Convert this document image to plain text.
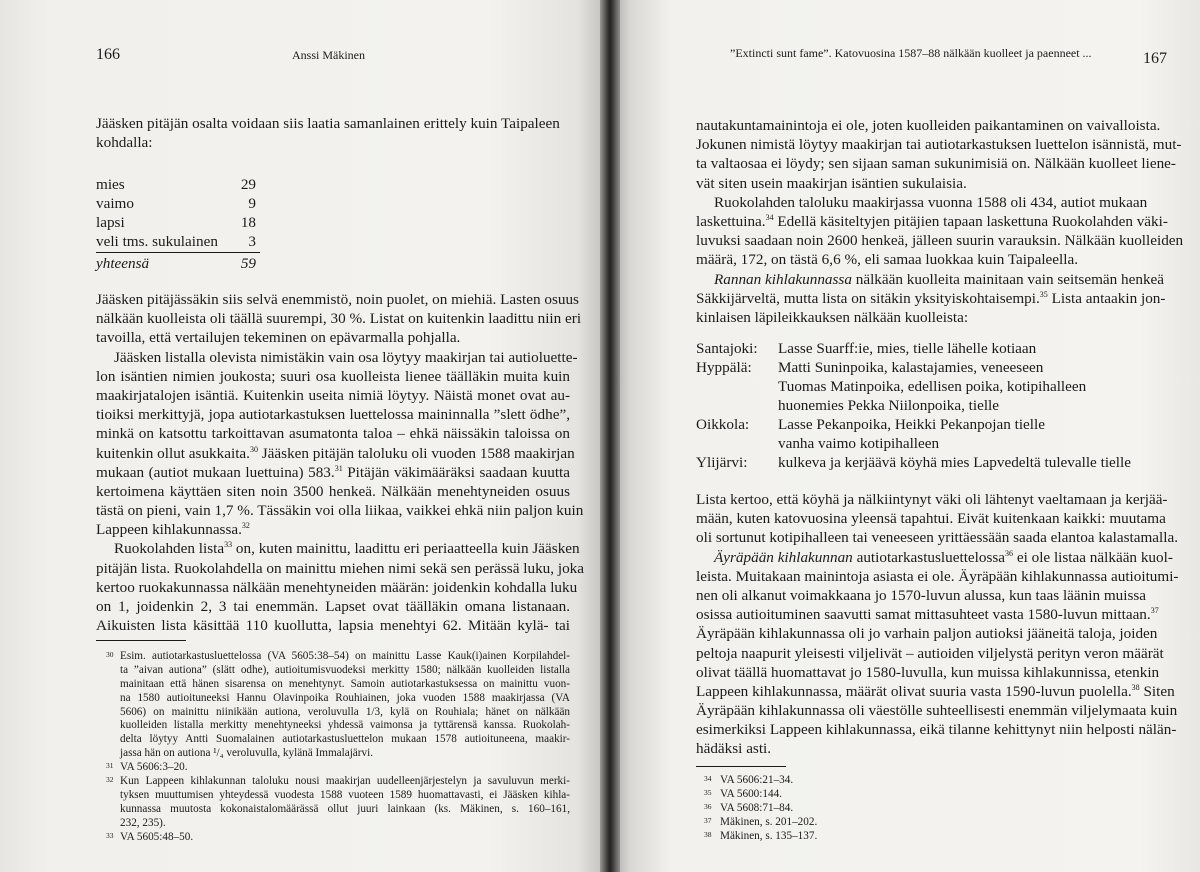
166	Anssi Mäkinen
Jääsken pitäjän osalta voidaan siis laatia samanlainen erittely kuin Taipaleen
kohdalla:
mies	29
vaimo	9
lapsi	18
veli tms. sukulainen	3
yhteensä	59
Jääsken pitäjässäkin siis selvä enemmistö, noin puolet, on miehiä. Lasten osuus
nälkään kuolleista oli täällä suurempi, 30 %. Listat on kuitenkin laadittu niin eri
tavoilla, että vertailujen tekeminen on epävarmalla pohjalla.
Jääsken listalla olevista nimistäkin vain osa löytyy maakirjan tai autioluette-
lon isäntien nimien joukosta; suuri osa kuolleista lienee täälläkin muita kuin
maakirjatalojen isäntiä. Kuitenkin useita nimiä löytyy. Näistä monet ovat au-
tioiksi merkittyjä, jopa autiotarkastuksen luettelossa maininnalla ”slett ödhe”,
minkä on katsottu tarkoittavan asumatonta taloa – ehkä näissäkin taloissa on
kuitenkin ollut asukkaita.$^{30}$ Jääsken pitäjän taloluku oli vuoden 1588 maakirjan
mukaan (autiot mukaan luettuina) 583.31 Pitäjän väkimääräksi saadaan kuutta
kertoimena käyttäen siten noin 3500 henkeä. Nälkään menehtyneiden osuus
tästä on pieni, vain 1,7 %. Tässäkin voi olla liikaa, vaikkei ehkä niin paljon kuin
Lappeen kihlakunnassa.$^{32}$
Ruokolahden lista$^{33}$ on, kuten mainittu, laadittu eri periaatteella kuin Jääsken
pitäjän lista. Ruokolahdella on mainittu miehen nimi sekä sen perässä luku, joka
kertoo ruokakunnassa nälkään menehtyneiden määrän: joidenkin kohdalla luku
on 1, joidenkin 2, 3 tai enemmän. Lapset ovat täälläkin omana listanaan.
Aikuisten lista käsittää 110 kuollutta, lapsia menehtyi 62. Mitään kylä- tai
30 Esim. autiotarkastusluettelossa (VA 5605:38–54) on mainittu Lasse Kauk(i)ainen Korpilahdel-
ta ”aivan autiona” (slätt odhe), autioitumisvuodeksi merkitty 1580; nälkään kuolleiden listalla
mainitaan että hänen sisarensa on menehtynyt. Samoin autiotarkastuksessa on mainittu vuon-
na 1580 autioituneeksi Hannu Olavinpoika Rouhiainen, joka vuoden 1588 maakirjassa (VA
5606) on mainittu niinikään autiona, veroluvulla 1/3, kylä on Rouhiala; hänet on nälkään
kuolleiden listalla merkitty menehtyneeksi yhdessä vaimonsa ja tyttärensä kanssa. Ruokolah-
delta löytyy Antti Suomalainen autiotarkastusluettelon mukaan 1578 autioituneena, maakir-
jassa hän on autiona ¹/₄ veroluvulla, kylänä Immalajärvi.
31 VA 5606:3–20.
32 Kun Lappeen kihlakunnan taloluku nousi maakirjan uudelleenjärjestelyn ja savuluvun merki-
tyksen muuttumisen yhteydessä vuodesta 1588 vuoteen 1589 huomattavasti, ei Jääsken kihla-
kunnassa muutosta kokonaistalomäärässä ollut juuri lainkaan (ks. Mäkinen, s. 160–161,
232, 235).
33 VA 5605:48–50.
”Extincti sunt fame”. Katovuosina 1587–88 nälkään kuolleet ja paenneet ...	167
nautakuntamainintoja ei ole, joten kuolleiden paikantaminen on vaivalloista.
Jokunen nimistä löytyy maakirjan tai autiotarkastuksen luettelon isännistä, mut-
ta valtaosaa ei löydy; sen sijaan saman sukunimisiä on. Nälkään kuolleet liene-
vät siten usein maakirjan isäntien sukulaisia.
Ruokolahden taloluku maakirjassa vuonna 1588 oli 434, autiot mukaan
laskettuina.$^{34}$ Edellä käsiteltyjen pitäjien tapaan laskettuna Ruokolahden väki-
luvuksi saadaan noin 2600 henkeä, jälleen suurin varauksin. Nälkään kuolleiden
määrä, 172, on tästä 6,6 %, eli samaa luokkaa kuin Taipaleella.
Rannan kihlakunnassa nälkään kuolleita mainitaan vain seitsemän henkeä
Säkkijärveltä, mutta lista on sitäkin yksityiskohtaisempi.$^{35}$ Lista antaakin jon-
kinlaisen läpileikkauksen nälkään kuolleista:
Santajoki: Lasse Suarff:ie, mies, tielle lähelle kotiaan
Hyppälä: Matti Suninpoika, kalastajamies, veneeseen
Tuomas Matinpoika, edellisen poika, kotipihalleen
huonemies Pekka Niilonpoika, tielle
Oikkola: Lasse Pekanpoika, Heikki Pekanpojan tielle
vanha vaimo kotipihalleen
Ylijärvi: kulkeva ja kerjäävä köyhä mies Lapvedeltä tulevalle tielle
Lista kertoo, että köyhä ja nälkiintynyt väki oli lähtenyt vaeltamaan ja kerjää-
mään, kuten katovuosina yleensä tapahtui. Eivät kuitenkaan kaikki: muutama
oli sortunut kotipihalleen tai veneeseen yrittäessään saada elantoa kalastamalla.
Äyräpään kihlakunnan autiotarkastusluettelossa$^{36}$ ei ole listaa nälkään kuol-
leista. Muitakaan mainintoja asiasta ei ole. Äyräpään kihlakunnassa autioitumi-
nen oli alkanut voimakkaana jo 1570-luvun alussa, kun taas läänin muissa
osissa autioituminen saavutti samat mittasuhteet vasta 1580-luvun mittaan.$^{37}$
Äyräpään kihlakunnassa oli jo varhain paljon autioksi jääneitä taloja, joiden
peltoja naapurit yleisesti viljelivät – autioiden viljelystä perityn veron määrät
olivat täällä huomattavat jo 1580-luvulla, kun muissa kihlakunnissa, etenkin
Lappeen kihlakunnassa, määrät olivat suuria vasta 1590-luvun puolella.$^{38}$ Siten
Äyräpään kihlakunnassa oli väestölle suhteellisesti enemmän viljelymaata kuin
esimerkiksi Lappeen kihlakunnassa, eikä tilanne kehittynyt niin helposti nälän-
hädäksi asti.
34 VA 5606:21–34.
35 VA 5600:144.
36 VA 5608:71–84.
37 Mäkinen, s. 201–202.
38 Mäkinen, s. 135–137.
